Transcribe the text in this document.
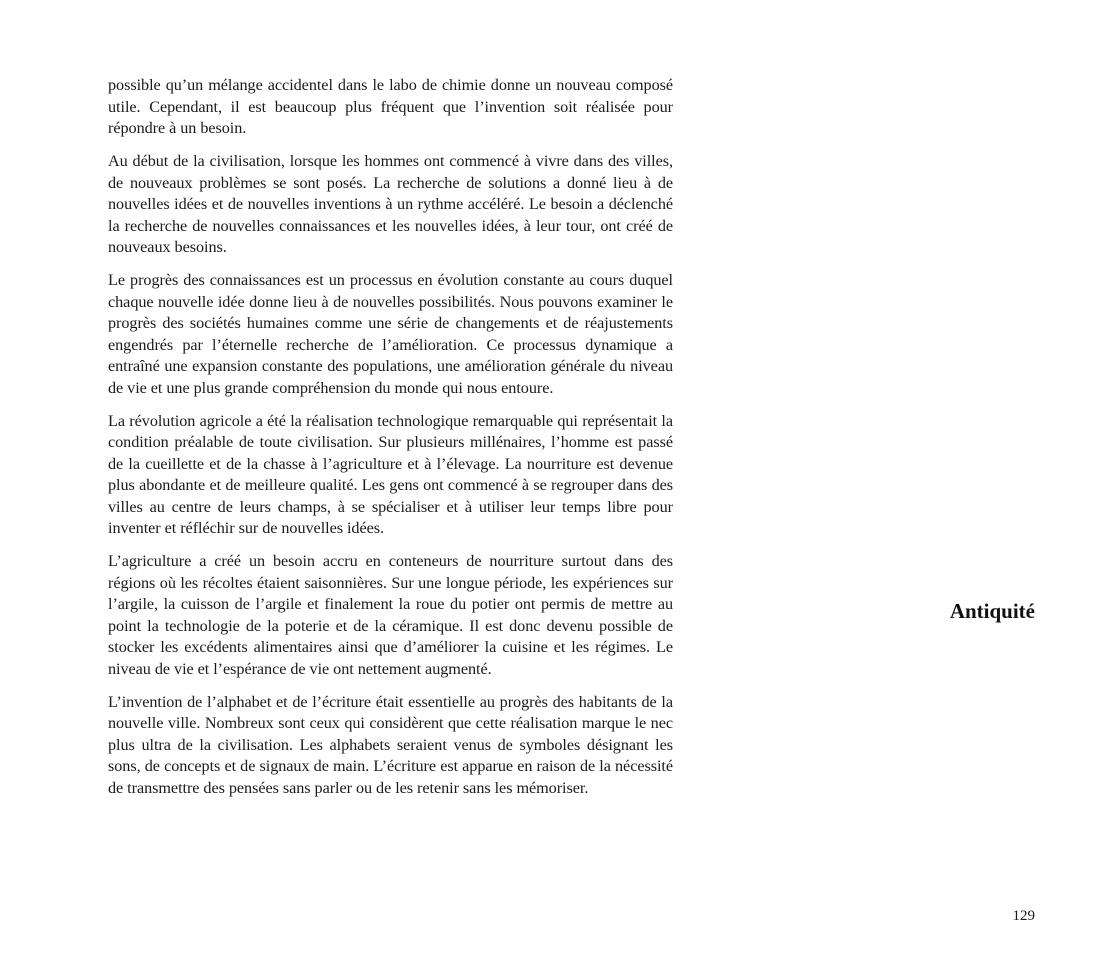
possible qu’un mélange accidentel dans le labo de chimie donne un nouveau composé utile. Cependant, il est beaucoup plus fréquent que l’invention soit réalisée pour répondre à un besoin.

Au début de la civilisation, lorsque les hommes ont commencé à vivre dans des villes, de nouveaux problèmes se sont posés. La recherche de solutions a donné lieu à de nouvelles idées et de nouvelles inventions à un rythme accéléré. Le besoin a déclenché la recherche de nouvelles connaissances et les nouvelles idées, à leur tour, ont créé de nouveaux besoins.

Le progrès des connaissances est un processus en évolution constante au cours duquel chaque nouvelle idée donne lieu à de nouvelles possibilités. Nous pouvons examiner le progrès des sociétés humaines comme une série de changements et de réajustements engendrés par l’éternelle recherche de l’amélioration. Ce processus dynamique a entraîné une expansion constante des populations, une amélioration générale du niveau de vie et une plus grande compréhension du monde qui nous entoure.

La révolution agricole a été la réalisation technologique remarquable qui représentait la condition préalable de toute civilisation. Sur plusieurs millénaires, l’homme est passé de la cueillette et de la chasse à l’agriculture et à l’élevage. La nourriture est devenue plus abondante et de meilleure qualité. Les gens ont commencé à se regrouper dans des villes au centre de leurs champs, à se spécialiser et à utiliser leur temps libre pour inventer et réfléchir sur de nouvelles idées.

L’agriculture a créé un besoin accru en conteneurs de nourriture surtout dans des régions où les récoltes étaient saisonnières. Sur une longue période, les expériences sur l’argile, la cuisson de l’argile et finalement la roue du potier ont permis de mettre au point la technologie de la poterie et de la céramique. Il est donc devenu possible de stocker les excédents alimentaires ainsi que d’améliorer la cuisine et les régimes. Le niveau de vie et l’espérance de vie ont nettement augmenté.

L’invention de l’alphabet et de l’écriture était essentielle au progrès des habitants de la nouvelle ville. Nombreux sont ceux qui considèrent que cette réalisation marque le nec plus ultra de la civilisation. Les alphabets seraient venus de symboles désignant les sons, de concepts et de signaux de main. L’écriture est apparue en raison de la nécessité de transmettre des pensées sans parler ou de les retenir sans les mémoriser.

Antiquité
129
